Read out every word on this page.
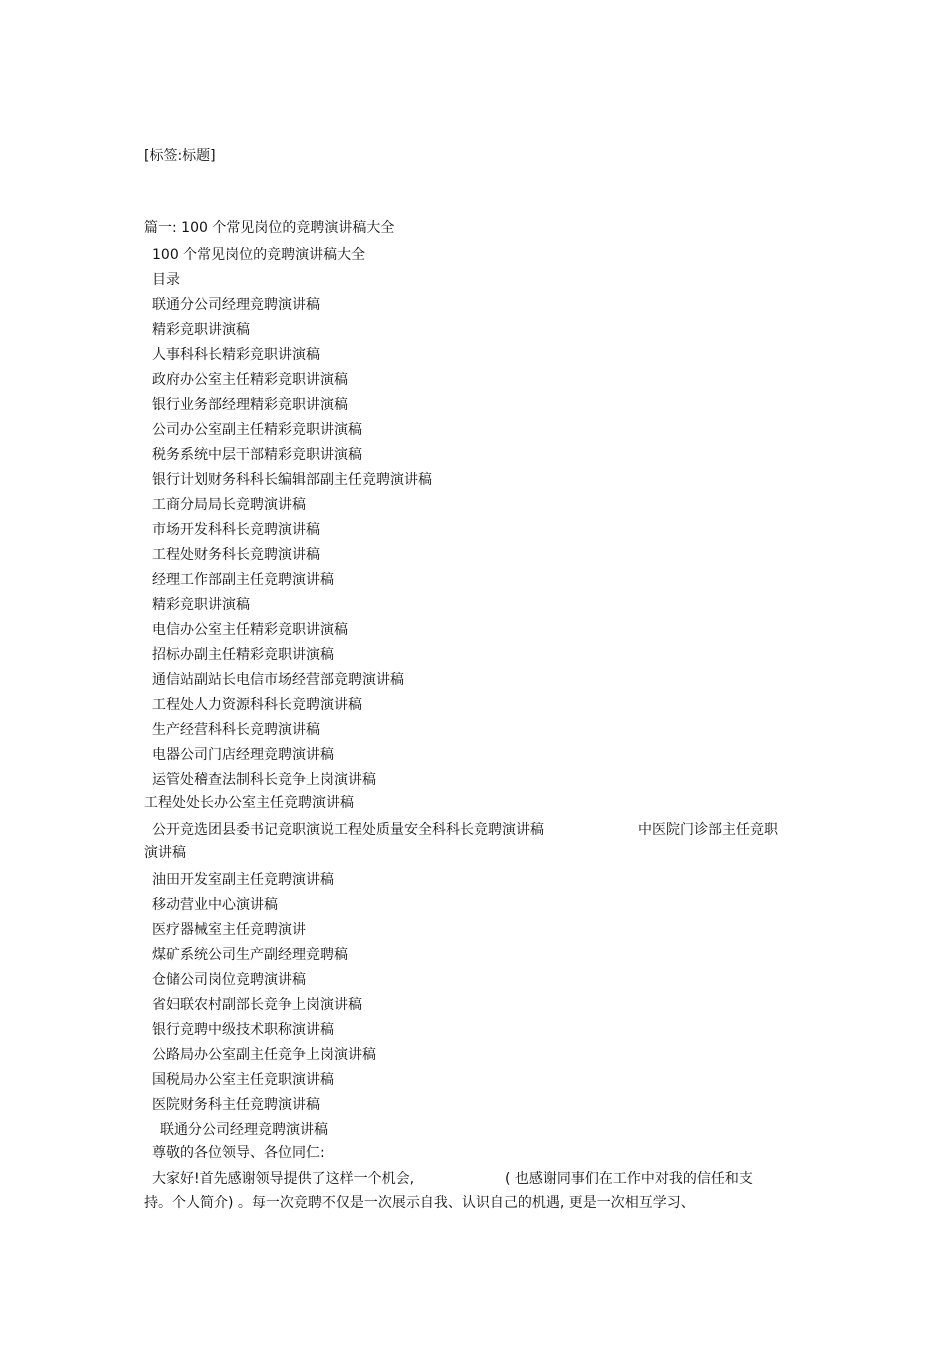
[标签:标题]
篇一: 100 个常见岗位的竞聘演讲稿大全
100 个常见岗位的竞聘演讲稿大全
目录
联通分公司经理竞聘演讲稿
精彩竞职讲演稿
人事科科长精彩竞职讲演稿
政府办公室主任精彩竞职讲演稿
银行业务部经理精彩竞职讲演稿
公司办公室副主任精彩竞职讲演稿
税务系统中层干部精彩竞职讲演稿
银行计划财务科科长编辑部副主任竞聘演讲稿
工商分局局长竞聘演讲稿
市场开发科科长竞聘演讲稿
工程处财务科长竞聘演讲稿
经理工作部副主任竞聘演讲稿
精彩竞职讲演稿
电信办公室主任精彩竞职讲演稿
招标办副主任精彩竞职讲演稿
通信站副站长电信市场经营部竞聘演讲稿
工程处人力资源科科长竞聘演讲稿
生产经营科科长竞聘演讲稿
电器公司门店经理竞聘演讲稿
运管处稽查法制科长竞争上岗演讲稿
工程处处长办公室主任竞聘演讲稿
公开竞选团县委书记竞职演说工程处质量安全科科长竞聘演讲稿	中医院门诊部主任竞职
演讲稿
油田开发室副主任竞聘演讲稿
移动营业中心演讲稿
医疗器械室主任竞聘演讲
煤矿系统公司生产副经理竞聘稿
仓储公司岗位竞聘演讲稿
省妇联农村副部长竞争上岗演讲稿
银行竞聘中级技术职称演讲稿
公路局办公室副主任竞争上岗演讲稿
国税局办公室主任竞职演讲稿
医院财务科主任竞聘演讲稿
联通分公司经理竞聘演讲稿
尊敬的各位领导、各位同仁:
大家好!首先感谢领导提供了这样一个机会,	( 也感谢同事们在工作中对我的信任和支
持。个人简介) 。每一次竞聘不仅是一次展示自我、认识自己的机遇, 更是一次相互学习、
